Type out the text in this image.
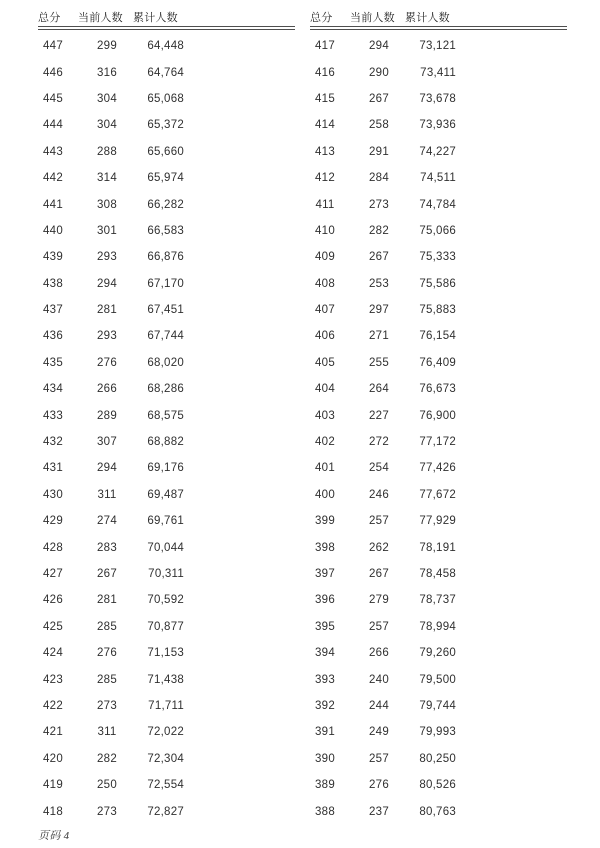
总分	当前人数 累计人数
447	299	64,448
446	316	64,764
445	304	65,068
444	304	65,372
443	288	65,660
442	314	65,974
441	308	66,282
440	301	66,583
439	293	66,876
438	294	67,170
437	281	67,451
436	293	67,744
435	276	68,020
434	266	68,286
433	289	68,575
432	307	68,882
431	294	69,176
430	311	69,487
429	274	69,761
428	283	70,044
427	267	70,311
426	281	70,592
425	285	70,877
424	276	71,153
423	285	71,438
422	273	71,711
421	311	72,022
420	282	72,304
419	250	72,554
418	273	72,827
总分	当前人数 累计人数
417	294	73,121
416	290	73,411
415	267	73,678
414	258	73,936
413	291	74,227
412	284	74,511
411	273	74,784
410	282	75,066
409	267	75,333
408	253	75,586
407	297	75,883
406	271	76,154
405	255	76,409
404	264	76,673
403	227	76,900
402	272	77,172
401	254	77,426
400	246	77,672
399	257	77,929
398	262	78,191
397	267	78,458
396	279	78,737
395	257	78,994
394	266	79,260
393	240	79,500
392	244	79,744
391	249	79,993
390	257	80,250
389	276	80,526
388	237	80,763
页码 4
